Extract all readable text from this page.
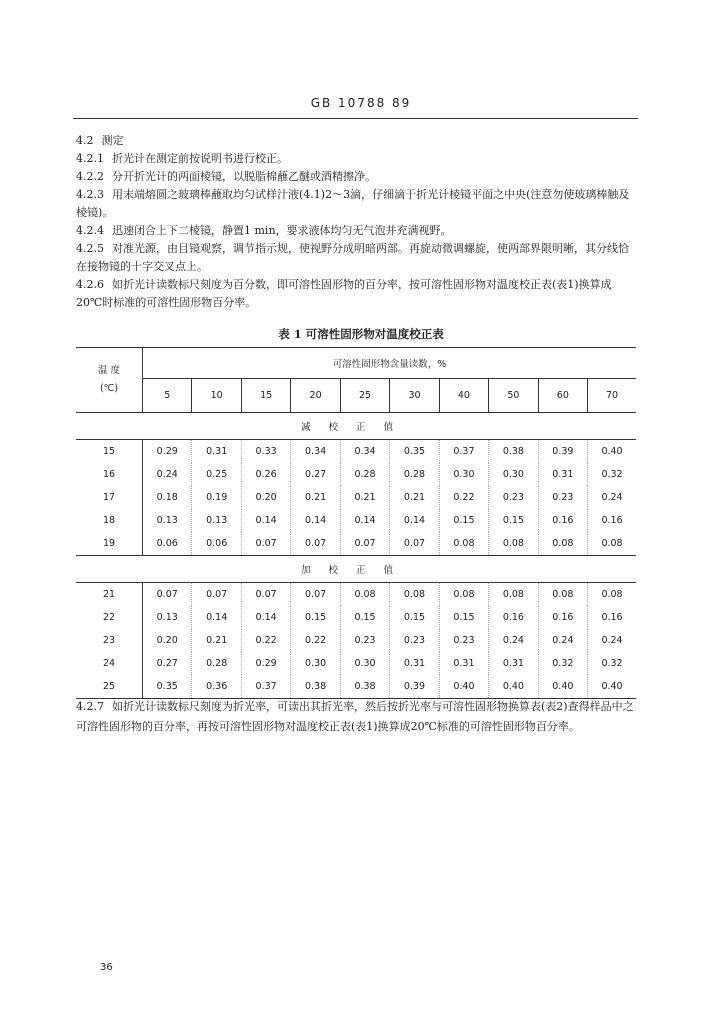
GB 10788 89

4.2 测定

4.2.1 折光计在测定前按说明书进行校正。

4.2.2 分开折光计的两面棱镜，以脱脂棉蘸乙醚或酒精擦净。

4.2.3 用末端熔圆之玻璃棒蘸取均匀试样汁液(4.1)2～3滴，仔细滴于折光计棱镜平面之中央(注意勿使玻璃棒触及棱镜)。

4.2.4 迅速闭合上下二棱镜，静置1 min，要求液体均匀无气泡并充满视野。

4.2.5 对准光源，由目镜观察，调节指示规，使视野分成明暗两部。再旋动微调螺旋，使两部界限明晰，其分线恰在接物镜的十字交叉点上。

4.2.6 如折光计读数标尺刻度为百分数，即可溶性固形物的百分率，按可溶性固形物对温度校正表(表1)换算成20℃时标准的可溶性固形物百分率。

表 1 可溶性固形物对温度校正表
温 度
(℃)	可溶性固形物含量读数，%									
	5	10	15	20	25	30	40	50	60	70
减校正值										
15	0.29	0.31	0.33	0.34	0.34	0.35	0.37	0.38	0.39	0.40
16	0.24	0.25	0.26	0.27	0.28	0.28	0.30	0.30	0.31	0.32
17	0.18	0.19	0.20	0.21	0.21	0.21	0.22	0.23	0.23	0.24
18	0.13	0.13	0.14	0.14	0.14	0.14	0.15	0.15	0.16	0.16
19	0.06	0.06	0.07	0.07	0.07	0.07	0.08	0.08	0.08	0.08
加校正值										
21	0.07	0.07	0.07	0.07	0.08	0.08	0.08	0.08	0.08	0.08
22	0.13	0.14	0.14	0.15	0.15	0.15	0.15	0.16	0.16	0.16
23	0.20	0.21	0.22	0.22	0.23	0.23	0.23	0.24	0.24	0.24
24	0.27	0.28	0.29	0.30	0.30	0.31	0.31	0.31	0.32	0.32
25	0.35	0.36	0.37	0.38	0.38	0.39	0.40	0.40	0.40	0.40
4.2.7 如折光计读数标尺刻度为折光率，可读出其折光率，然后按折光率与可溶性固形物换算表(表2)查得样品中之可溶性固形物的百分率，再按可溶性固形物对温度校正表(表1)换算成20℃标准的可溶性固形物百分率。
36
